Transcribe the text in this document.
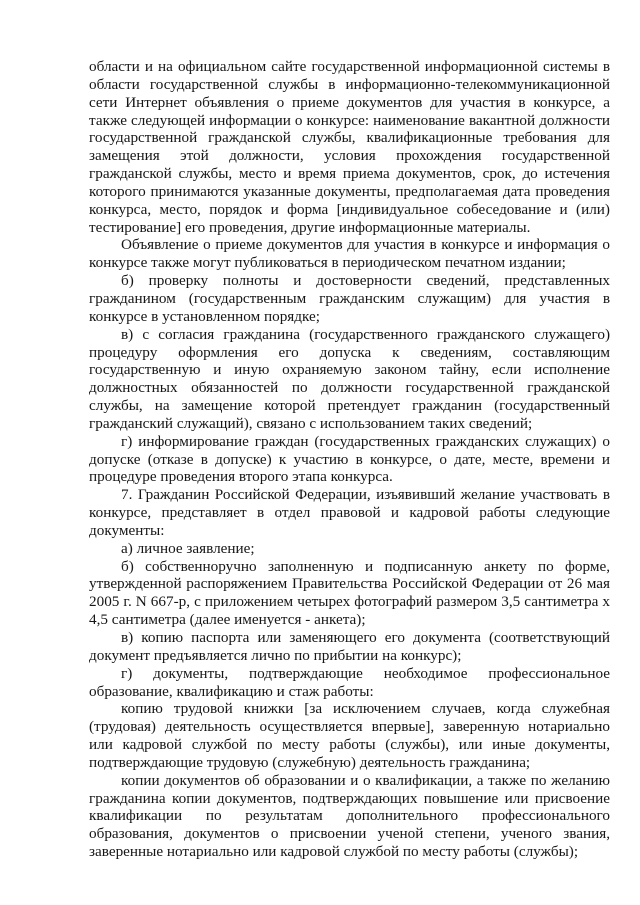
области и на официальном сайте государственной информационной системы в области государственной службы в информационно-телекоммуникационной сети Интернет объявления о приеме документов для участия в конкурсе, а также следующей информации о конкурсе: наименование вакантной должности государственной гражданской службы, квалификационные требования для замещения этой должности, условия прохождения государственной гражданской службы, место и время приема документов, срок, до истечения которого принимаются указанные документы, предполагаемая дата проведения конкурса, место, порядок и форма [индивидуальное собеседование и (или) тестирование] его проведения, другие информационные материалы.

Объявление о приеме документов для участия в конкурсе и информация о конкурсе также могут публиковаться в периодическом печатном издании;

б) проверку полноты и достоверности сведений, представленных гражданином (государственным гражданским служащим) для участия в конкурсе в установленном порядке;

в) с согласия гражданина (государственного гражданского служащего) процедуру оформления его допуска к сведениям, составляющим государственную и иную охраняемую законом тайну, если исполнение должностных обязанностей по должности государственной гражданской службы, на замещение которой претендует гражданин (государственный гражданский служащий), связано с использованием таких сведений;

г) информирование граждан (государственных гражданских служащих) о допуске (отказе в допуске) к участию в конкурсе, о дате, месте, времени и процедуре проведения второго этапа конкурса.

7. Гражданин Российской Федерации, изъявивший желание участвовать в конкурсе, представляет в отдел правовой и кадровой работы следующие документы:

а) личное заявление;

б) собственноручно заполненную и подписанную анкету по форме, утвержденной распоряжением Правительства Российской Федерации от 26 мая 2005 г. N 667-р, с приложением четырех фотографий размером 3,5 сантиметра х 4,5 сантиметра (далее именуется - анкета);

в) копию паспорта или заменяющего его документа (соответствующий документ предъявляется лично по прибытии на конкурс);

г) документы, подтверждающие необходимое профессиональное образование, квалификацию и стаж работы:

копию трудовой книжки [за исключением случаев, когда служебная (трудовая) деятельность осуществляется впервые], заверенную нотариально или кадровой службой по месту работы (службы), или иные документы, подтверждающие трудовую (служебную) деятельность гражданина;

копии документов об образовании и о квалификации, а также по желанию гражданина копии документов, подтверждающих повышение или присвоение квалификации по результатам дополнительного профессионального образования, документов о присвоении ученой степени, ученого звания, заверенные нотариально или кадровой службой по месту работы (службы);
